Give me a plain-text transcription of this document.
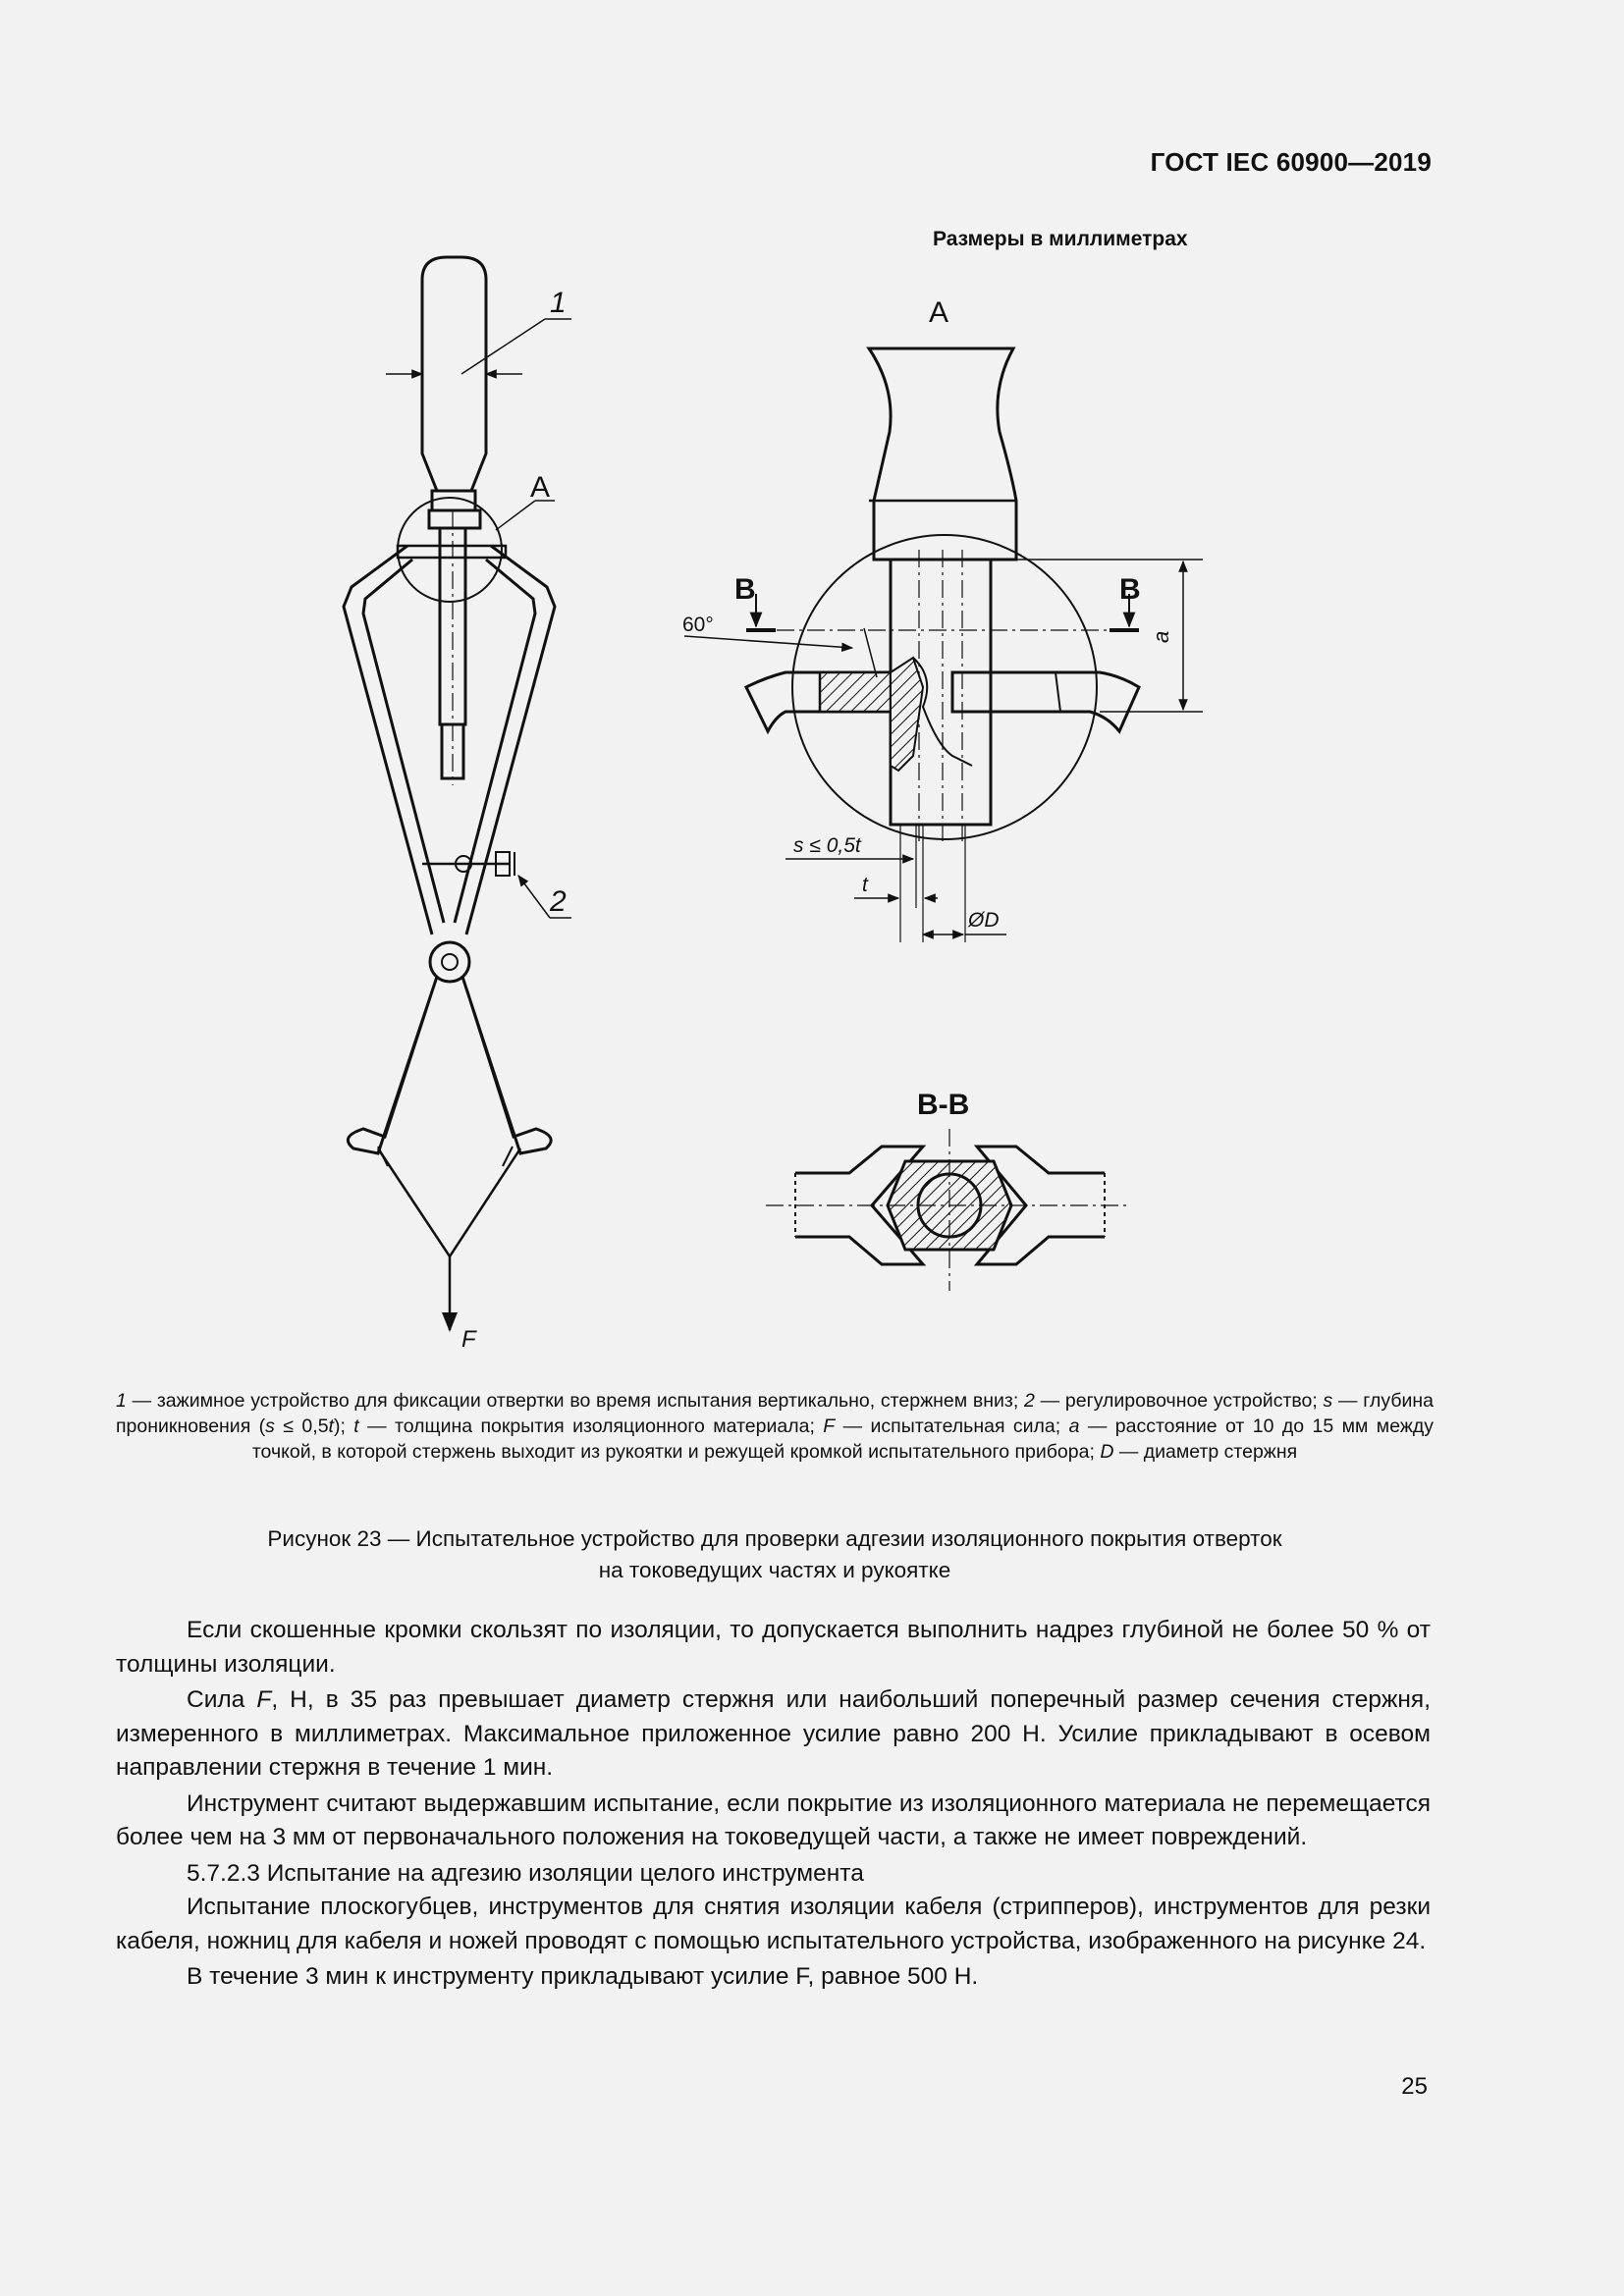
ГОСТ IEC 60900—2019
Размеры в миллиметрах
1
A
2
F
A
B	B
60°
a
s ≤ 0,5t
t
ØD
B-B
1 — зажимное устройство для фиксации отвертки во время испытания вертикально, стержнем вниз; 2 — регулировочное устройство; s — глубина проникновения (s ≤ 0,5t); t — толщина покрытия изоляционного материала; F — испытательная сила; a — расстояние от 10 до 15 мм между точкой, в которой стержень выходит из рукоятки и режущей кромкой испытательного прибора; D — диаметр стержня
Рисунок 23 — Испытательное устройство для проверки адгезии изоляционного покрытия отверток
на токоведущих частях и рукоятке

Если скошенные кромки скользят по изоляции, то допускается выполнить надрез глубиной не более 50 % от толщины изоляции.

Сила F, Н, в 35 раз превышает диаметр стержня или наибольший поперечный размер сечения стержня, измеренного в миллиметрах. Максимальное приложенное усилие равно 200 Н. Усилие прикладывают в осевом направлении стержня в течение 1 мин.

Инструмент считают выдержавшим испытание, если покрытие из изоляционного материала не перемещается более чем на 3 мм от первоначального положения на токоведущей части, а также не имеет повреждений.

5.7.2.3 Испытание на адгезию изоляции целого инструмента

Испытание плоскогубцев, инструментов для снятия изоляции кабеля (стрипперов), инструментов для резки кабеля, ножниц для кабеля и ножей проводят с помощью испытательного устройства, изображенного на рисунке 24.

В течение 3 мин к инструменту прикладывают усилие F, равное 500 Н.

25
